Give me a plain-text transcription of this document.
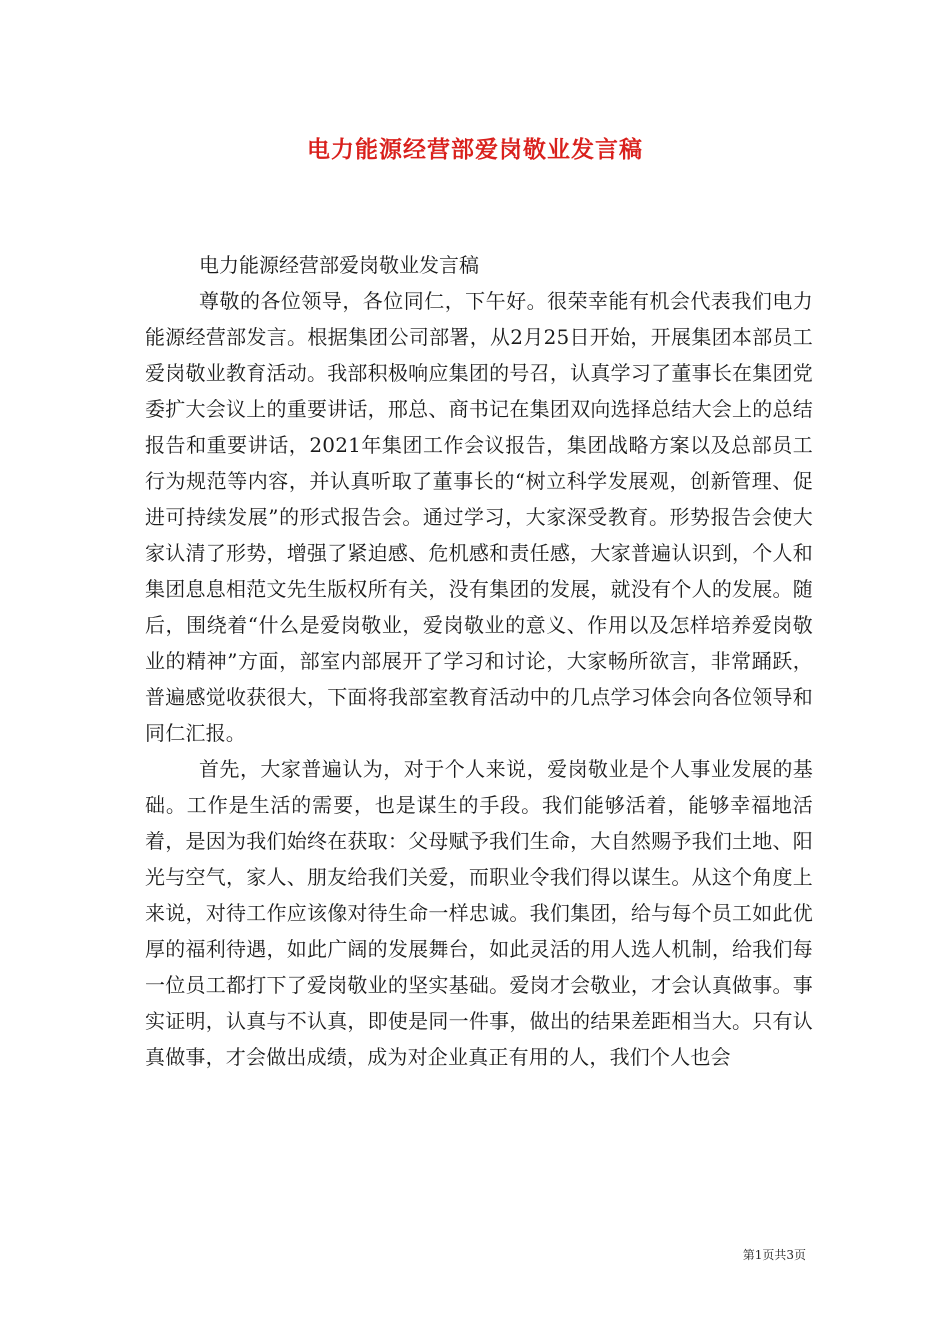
电力能源经营部爱岗敬业发言稿

电力能源经营部爱岗敬业发言稿

尊敬的各位领导，各位同仁，下午好。很荣幸能有机会代表我们电力能源经营部发言。根据集团公司部署，从2月25日开始，开展集团本部员工爱岗敬业教育活动。我部积极响应集团的号召，认真学习了董事长在集团党委扩大会议上的重要讲话，邢总、商书记在集团双向选择总结大会上的总结报告和重要讲话，2021年集团工作会议报告，集团战略方案以及总部员工行为规范等内容，并认真听取了董事长的“树立科学发展观，创新管理、促进可持续发展”的形式报告会。通过学习，大家深受教育。形势报告会使大家认清了形势，增强了紧迫感、危机感和责任感，大家普遍认识到，个人和集团息息相范文先生版权所有关，没有集团的发展，就没有个人的发展。随后，围绕着“什么是爱岗敬业，爱岗敬业的意义、作用以及怎样培养爱岗敬业的精神”方面，部室内部展开了学习和讨论，大家畅所欲言，非常踊跃，普遍感觉收获很大，下面将我部室教育活动中的几点学习体会向各位领导和同仁汇报。

首先，大家普遍认为，对于个人来说，爱岗敬业是个人事业发展的基础。工作是生活的需要，也是谋生的手段。我们能够活着，能够幸福地活着，是因为我们始终在获取：父母赋予我们生命，大自然赐予我们土地、阳光与空气，家人、朋友给我们关爱，而职业令我们得以谋生。从这个角度上来说，对待工作应该像对待生命一样忠诚。我们集团，给与每个员工如此优厚的福利待遇，如此广阔的发展舞台，如此灵活的用人选人机制，给我们每一位员工都打下了爱岗敬业的坚实基础。爱岗才会敬业，才会认真做事。事实证明，认真与不认真，即使是同一件事，做出的结果差距相当大。只有认真做事，才会做出成绩，成为对企业真正有用的人，我们个人也会

第1页共3页
